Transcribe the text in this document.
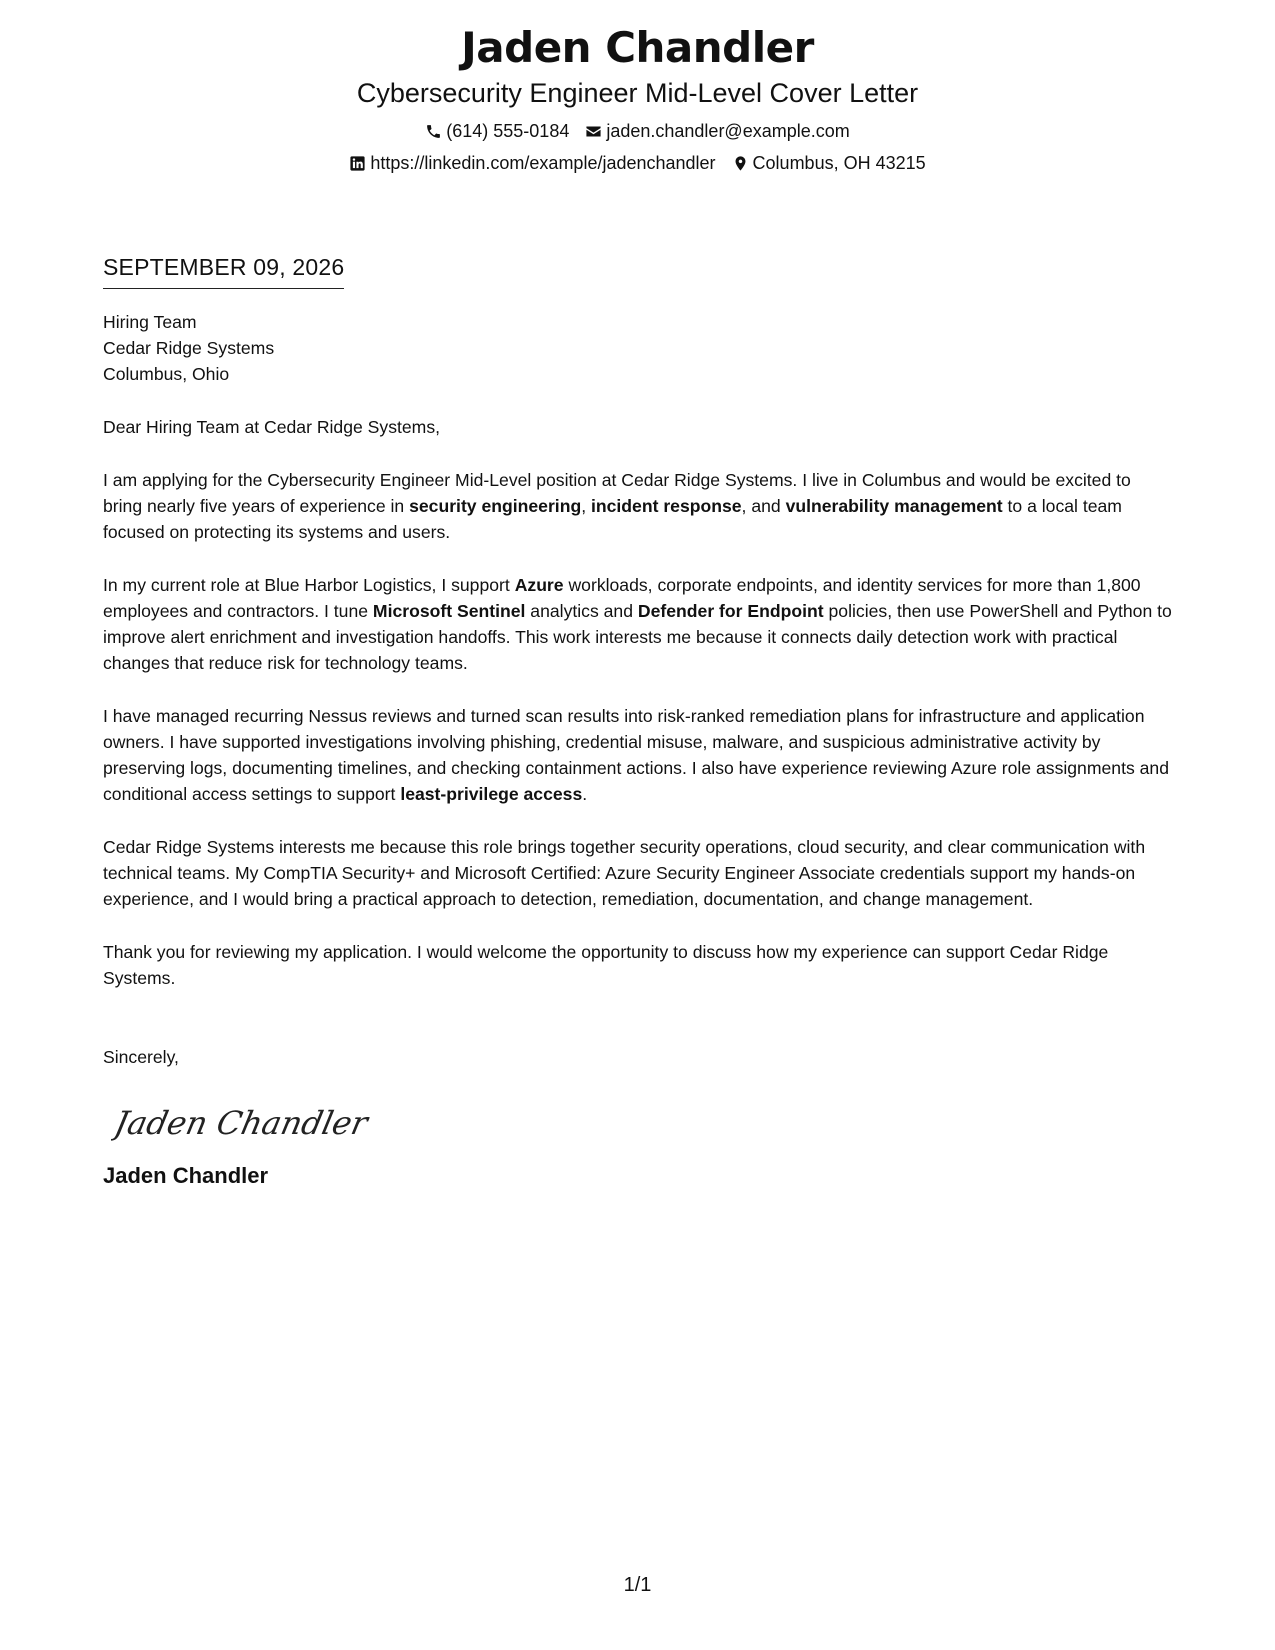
Jaden Chandler
Cybersecurity Engineer Mid-Level Cover Letter
(614) 555-0184 jaden.chandler@example.com
https://linkedin.com/example/jadenchandler Columbus, OH 43215
SEPTEMBER 09, 2026
Hiring Team
Cedar Ridge Systems
Columbus, Ohio

Dear Hiring Team at Cedar Ridge Systems,

I am applying for the Cybersecurity Engineer Mid-Level position at Cedar Ridge Systems. I live in Columbus and would be excited to bring nearly five years of experience in security engineering, incident response, and vulnerability management to a local team focused on protecting its systems and users.

In my current role at Blue Harbor Logistics, I support Azure workloads, corporate endpoints, and identity services for more than 1,800 employees and contractors. I tune Microsoft Sentinel analytics and Defender for Endpoint policies, then use PowerShell and Python to improve alert enrichment and investigation handoffs. This work interests me because it connects daily detection work with practical changes that reduce risk for technology teams.

I have managed recurring Nessus reviews and turned scan results into risk-ranked remediation plans for infrastructure and application owners. I have supported investigations involving phishing, credential misuse, malware, and suspicious administrative activity by preserving logs, documenting timelines, and checking containment actions. I also have experience reviewing Azure role assignments and conditional access settings to support least-privilege access.

Cedar Ridge Systems interests me because this role brings together security operations, cloud security, and clear communication with technical teams. My CompTIA Security+ and Microsoft Certified: Azure Security Engineer Associate credentials support my hands-on experience, and I would bring a practical approach to detection, remediation, documentation, and change management.

Thank you for reviewing my application. I would welcome the opportunity to discuss how my experience can support Cedar Ridge Systems.

Sincerely,

Jaden Chandler
Jaden Chandler
1/1
